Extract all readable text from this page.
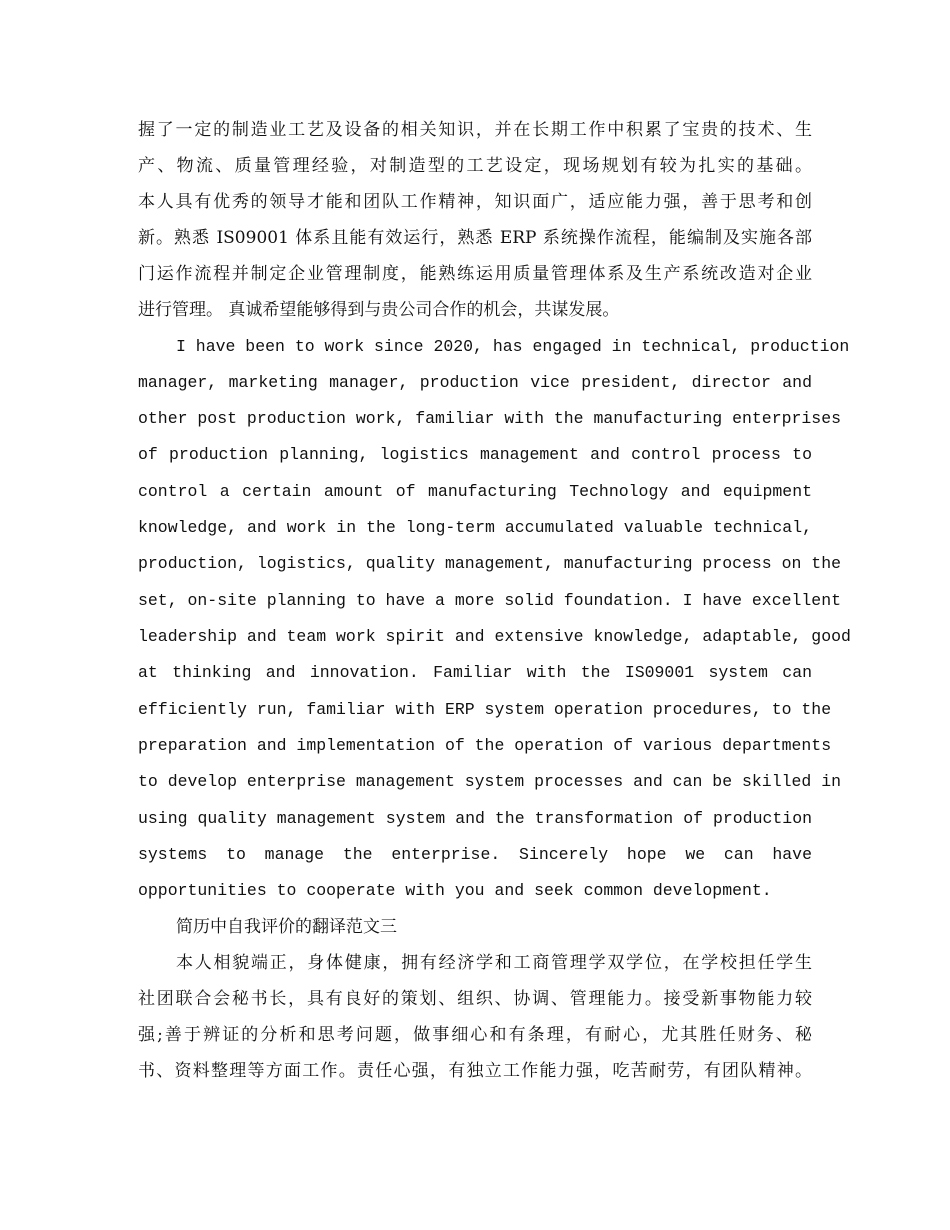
握了一定的制造业工艺及设备的相关知识，并在长期工作中积累了宝贵的技术、生
产、物流、质量管理经验，对制造型的工艺设定，现场规划有较为扎实的基础。
本人具有优秀的领导才能和团队工作精神，知识面广，适应能力强，善于思考和创
新。熟悉 IS09001 体系且能有效运行，熟悉 ERP 系统操作流程，能编制及实施各部
门运作流程并制定企业管理制度，能熟练运用质量管理体系及生产系统改造对企业
进行管理。 真诚希望能够得到与贵公司合作的机会，共谋发展。
I have been to work since 2020, has engaged in technical, production
manager, marketing manager, production vice president, director and
other post production work, familiar with the manufacturing enterprises
of production planning, logistics management and control process to
control a certain amount of manufacturing Technology and equipment
knowledge, and work in the long-term accumulated valuable technical,
production, logistics, quality management, manufacturing process on the
set, on-site planning to have a more solid foundation. I have excellent
leadership and team work spirit and extensive knowledge, adaptable, good
at thinking and innovation. Familiar with the IS09001 system can
efficiently run, familiar with ERP system operation procedures, to the
preparation and implementation of the operation of various departments
to develop enterprise management system processes and can be skilled in
using quality management system and the transformation of production
systems to manage the enterprise. Sincerely hope we can have
opportunities to cooperate with you and seek common development.
简历中自我评价的翻译范文三
本人相貌端正，身体健康，拥有经济学和工商管理学双学位，在学校担任学生
社团联合会秘书长，具有良好的策划、组织、协调、管理能力。接受新事物能力较
强;善于辨证的分析和思考问题，做事细心和有条理，有耐心，尤其胜任财务、秘
书、资料整理等方面工作。责任心强，有独立工作能力强，吃苦耐劳，有团队精神。
